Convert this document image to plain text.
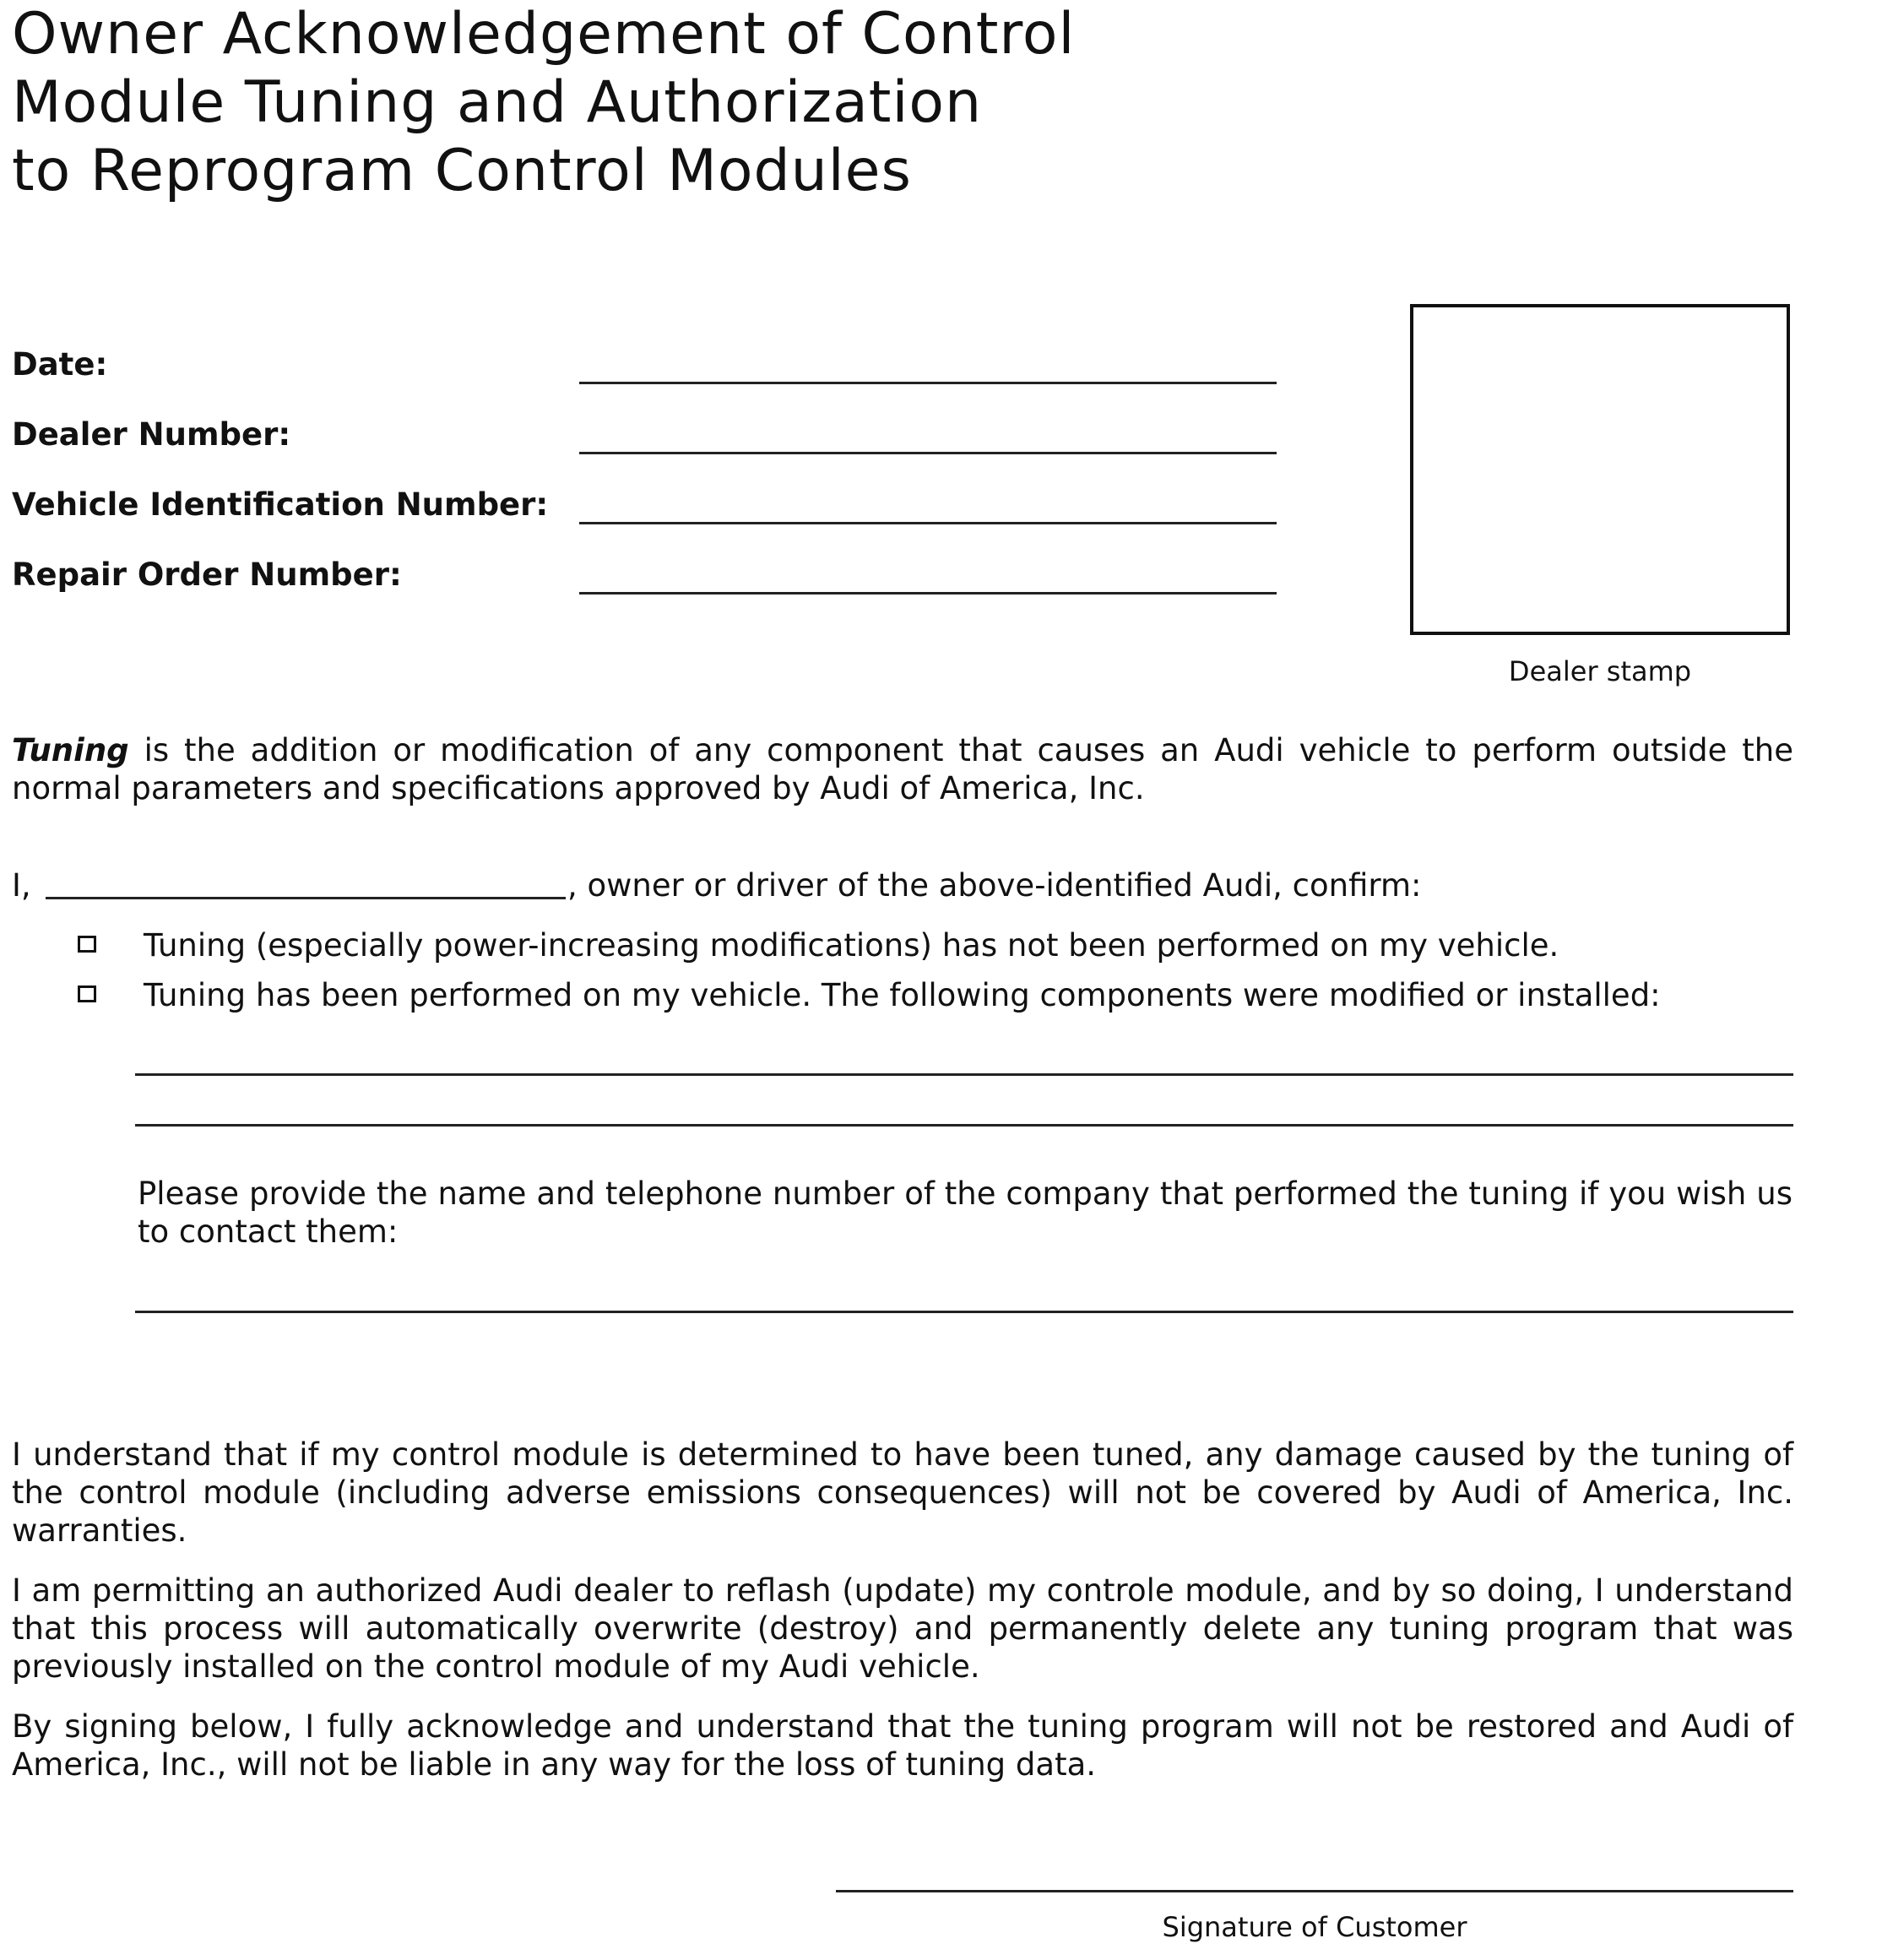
Owner Acknowledgement of Control
Module Tuning and Authorization
to Reprogram Control Modules
Date:
Dealer Number:
Vehicle Identification Number:
Repair Order Number:
Dealer stamp

Tuning is the addition or modification of any component that causes an Audi vehicle to perform outside the normal parameters and specifications approved by Audi of America, Inc.

I,	, owner or driver of the above-identified Audi, confirm:
Tuning (especially power-increasing modifications) has not been performed on my vehicle.
Tuning has been performed on my vehicle. The following components were modified or installed:

Please provide the name and telephone number of the company that performed the tuning if you wish us to contact them:

I understand that if my control module is determined to have been tuned, any damage caused by the tuning of the control module (including adverse emissions consequences) will not be covered by Audi of America, Inc. warranties.

I am permitting an authorized Audi dealer to reflash (update) my controle module, and by so doing, I understand that this process will automatically overwrite (destroy) and permanently delete any tuning program that was previously installed on the control module of my Audi vehicle.

By signing below, I fully acknowledge and understand that the tuning program will not be restored and Audi of America, Inc., will not be liable in any way for the loss of tuning data.

Signature of Customer
